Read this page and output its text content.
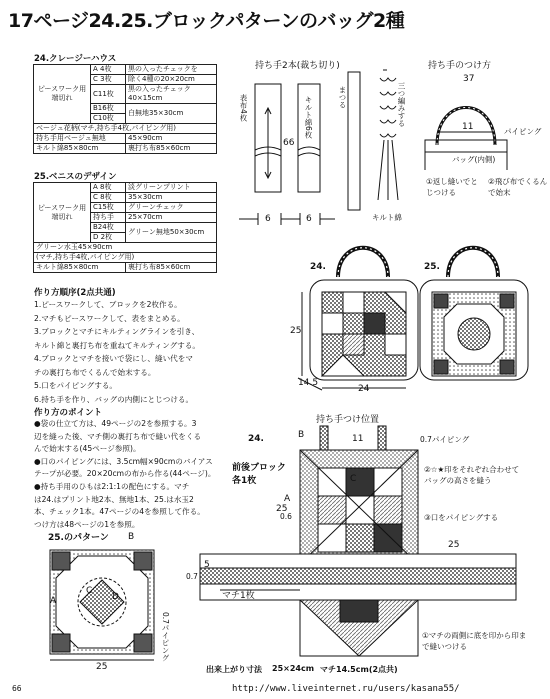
17ページ24.25.ブロックパターンのバッグ2種
24.クレージーハウス
ピースワーク用端切れ	A 4枚	黒の入ったチェックを
	C 3枚	除く4種の20×20cm
	C11枚	黒の入ったチェック 40×15cm
	B16枚	白無地35×30cm
	C10枚	
ベージュ花柄(マチ,持ち手4枚,パイピング用)		
持ち手用ベージュ無地		45×90cm
キルト綿85×80cm		裏打ち布85×60cm
25.ベニスのデザイン
ピースワーク用端切れ	A 8枚	淡グリーンプリント
	C 8枚	35×30cm
	C15枚	グリーンチェック
	持ち手	25×70cm
	B24枚	グリーン無地50×30cm
	D 2枚	
グリーン水玉45×90cm		
(マチ,持ち手4枚,パイピング用)		
キルト綿85×80cm		裏打ち布85×60cm
作り方順序(2点共通)
1.ピースワークして、ブロックを2枚作る。
2.マチもピースワークして、表をまとめる。
3.ブロックとマチにキルティングラインを引き、
キルト綿と裏打ち布を重ねてキルティングする。
4.ブロックとマチを接いで袋にし、縫い代をマ
チの裏打ち布でくるんで始末する。
5.口をパイピングする。
6.持ち手を作り、バッグの内側にとじつける。
作り方のポイント
●袋の仕立て方は、49ページの2を参照する。3
辺を縫った後、マチ側の裏打ち布で縫い代をくる
んで始末する(45ページ参照)。
●口のパイピングには、3.5cm幅×90cmのバイアス
テープが必要。20×20cmの布から作る(44ページ)。
●持ち手用のひもは2:1:1の配色にする。マチ
は24.はプリント地2本、無地1本、25.は水玉2
本、チェック1本。47ページの4を参照して作る。
つけ方は48ページの1を参照。
持ち手2本(裁ち切り)
表布4枚	キルト綿6枚	まつる	三つ編みする
キルト綿
66
6	6
持ち手のつけ方
37
11	パイピング
バッグ(内側)
①返し縫いでとじつける
②飛び布でくるんで始末
24.	25.
25
14.5
24
24.
持ち手つけ位置
0.7パイピング
前後ブロック各1枚
②☆★印をそれぞれ合わせてバッグの高さを縫う
③口をパイピングする
①マチの両側に底を印から印まで縫いつける
マチ1枚
B
A
C
11
25
0.6
5
25
0.7
25.のパターン
A
B
C
D
25
0.7パイピング
出来上がり寸法 25×24cm マチ14.5cm(2点共)
66	http://www.liveinternet.ru/users/kasana55/
